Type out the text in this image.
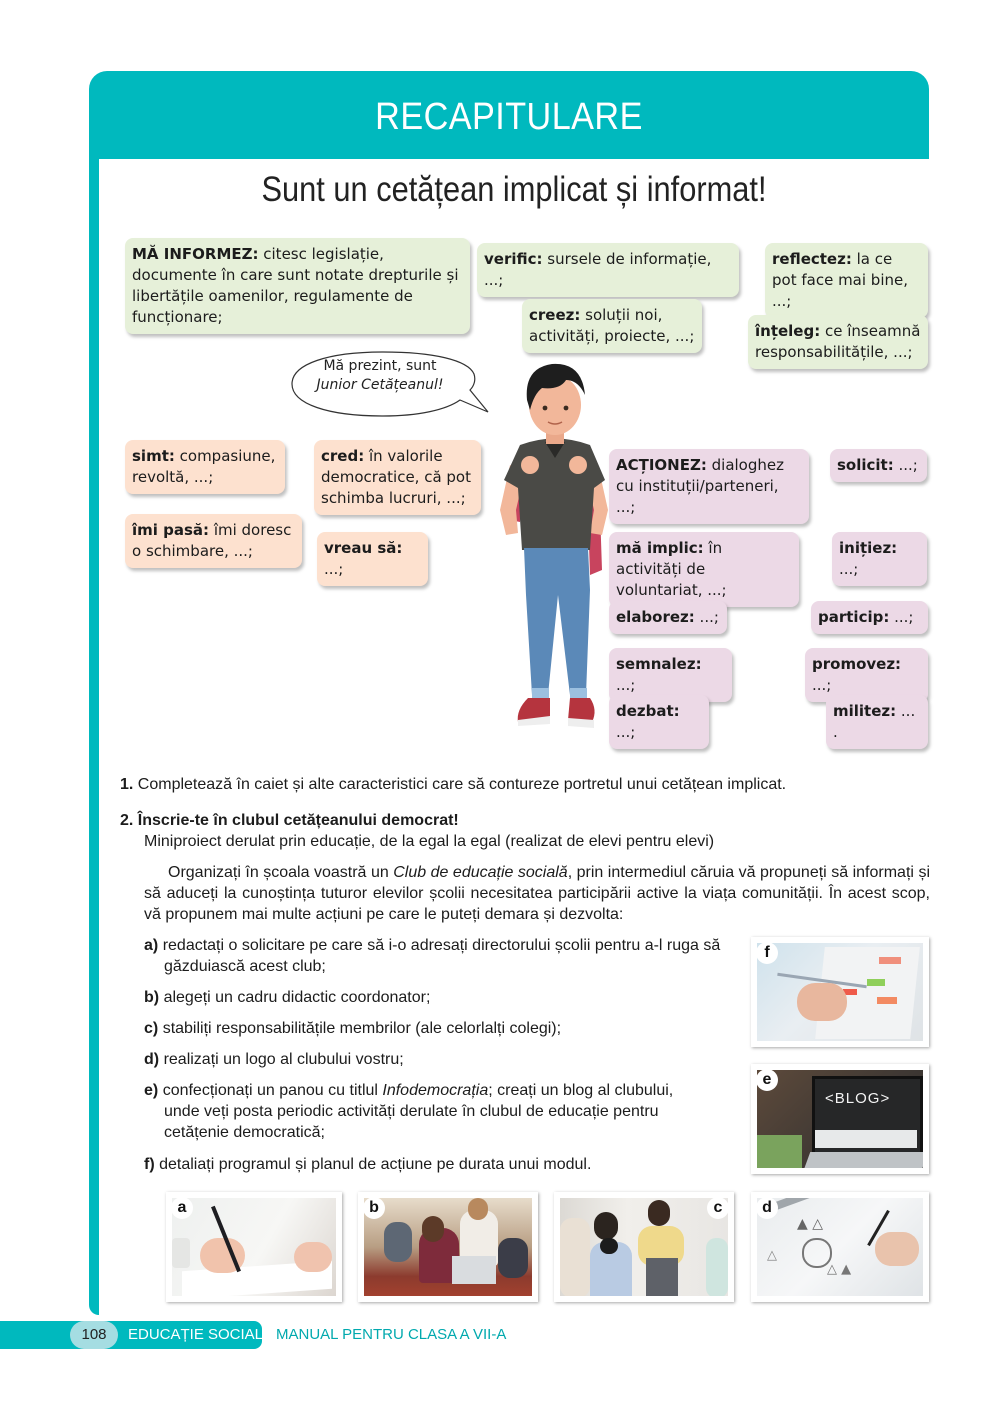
RECAPITULARE
Sunt un cetățean implicat și informat!
MĂ INFORMEZ: citesc legislație, documente în care sunt notate drepturile și libertățile oamenilor, regulamente de funcționare;
verific: sursele de informație, ...;
reflectez: la ce pot face mai bine, ...;
creez: soluții noi, activități, proiecte, ...;	înțeleg: ce înseamnă responsabilitățile, ...;
Mă prezint, sunt
Junior Cetățeanul!
simt: compasiune, revoltă, ...;
cred: în valorile democratice, că pot schimba lucruri, ...;
îmi pasă: îmi doresc o schimbare, ...;	vreau să: ...;
ACȚIONEZ: dialoghez cu instituții/parteneri, ...;
solicit: ...;
mă implic: în activități de voluntariat, ...;
inițiez: ...;
elaborez: ...;	particip: ...;
semnalez: ...;
promovez: ...;
dezbat: ...;
militez: ... .
1. Completează în caiet și alte caracteristici care să contureze portretul unui cetățean implicat.
2. Înscrie-te în clubul cetățeanului democrat!
Miniproiect derulat prin educație, de la egal la egal (realizat de elevi pentru elevi)
Organizați în școala voastră un Club de educație socială, prin intermediul căruia vă propuneți să informați și să aduceți la cunoștința tuturor elevilor școlii necesitatea participării active la viața comunității. În acest scop, vă propunem mai multe acțiuni pe care le puteți demara și dezvolta:
a) redactați o solicitare pe care să i-o adresați directorului școlii pentru a-l ruga să găzduiască acest club;
b) alegeți un cadru didactic coordonator;
c) stabiliți responsabilitățile membrilor (ale celorlalți colegi);
d) realizați un logo al clubului vostru;
e) confecționați un panou cu titlul Infodemocrația; creați un blog al clubului, unde veți posta periodic activități derulate în clubul de educație pentru cetățenie democratică;
f) detaliați programul și planul de acțiune pe durata unui modul.
f
<BLOG>
e
a	b	c
▲ △
△ ▲
△
d
108	EDUCAȚIE SOCIALĂ MANUAL PENTRU CLASA A VII-A
